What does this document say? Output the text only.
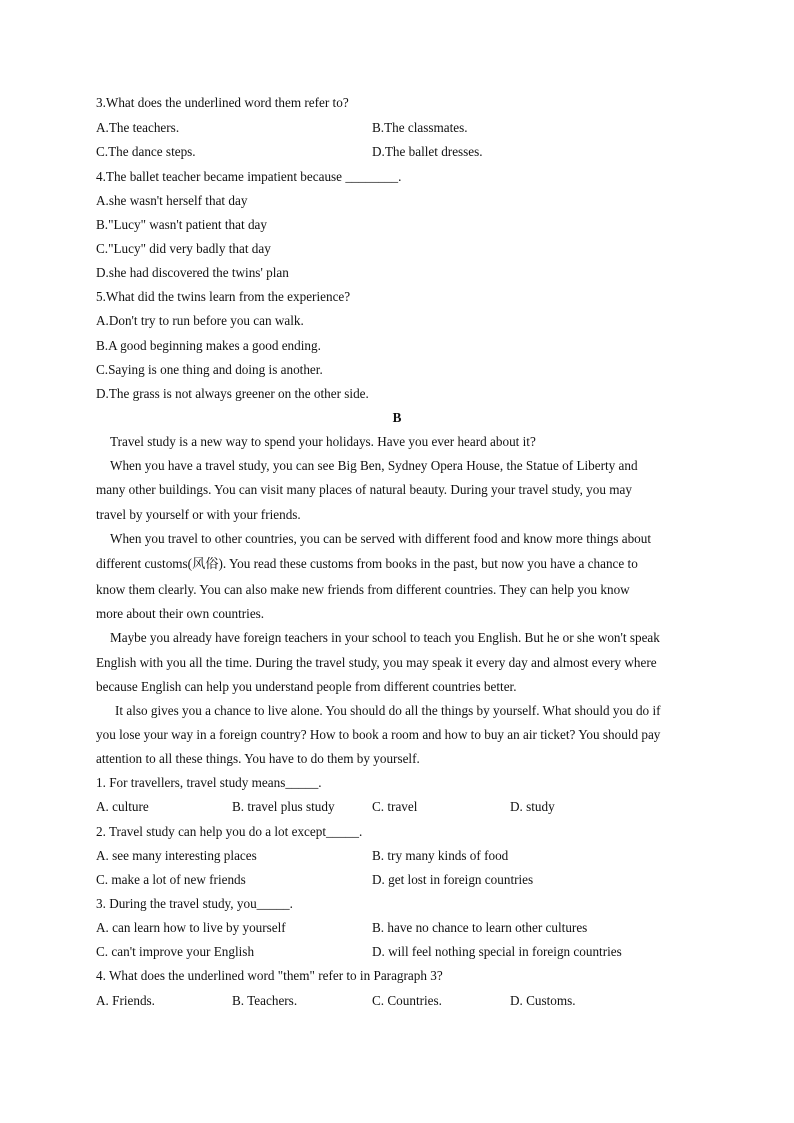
3.What does the underlined word them refer to?
A.The teachers.	B.The classmates.
C.The dance steps.	D.The ballet dresses.
4.The ballet teacher became impatient because ________.
A.she wasn't herself that day
B."Lucy" wasn't patient that day
C."Lucy" did very badly that day
D.she had discovered the twins' plan
5.What did the twins learn from the experience?
A.Don't try to run before you can walk.
B.A good beginning makes a good ending.
C.Saying is one thing and doing is another.
D.The grass is not always greener on the other side.
B
Travel study is a new way to spend your holidays. Have you ever heard about it?
When you have a travel study, you can see Big Ben, Sydney Opera House, the Statue of Liberty and
many other buildings. You can visit many places of natural beauty. During your travel study, you may
travel by yourself or with your friends.
When you travel to other countries, you can be served with different food and know more things about
different customs(风俗). You read these customs from books in the past, but now you have a chance to
know them clearly. You can also make new friends from different countries. They can help you know
more about their own countries.
Maybe you already have foreign teachers in your school to teach you English. But he or she won't speak
English with you all the time. During the travel study, you may speak it every day and almost every where
because English can help you understand people from different countries better.
It also gives you a chance to live alone. You should do all the things by yourself. What should you do if
you lose your way in a foreign country? How to book a room and how to buy an air ticket? You should pay
attention to all these things. You have to do them by yourself.
1. For travellers, travel study means_____.
A. culture	B. travel plus study	C. travel	D. study
2. Travel study can help you do a lot except_____.
A. see many interesting places	B. try many kinds of food
C. make a lot of new friends	D. get lost in foreign countries
3. During the travel study, you_____.
A. can learn how to live by yourself	B. have no chance to learn other cultures
C. can't improve your English	D. will feel nothing special in foreign countries
4. What does the underlined word "them" refer to in Paragraph 3?
A. Friends.	B. Teachers.	C. Countries.	D. Customs.
